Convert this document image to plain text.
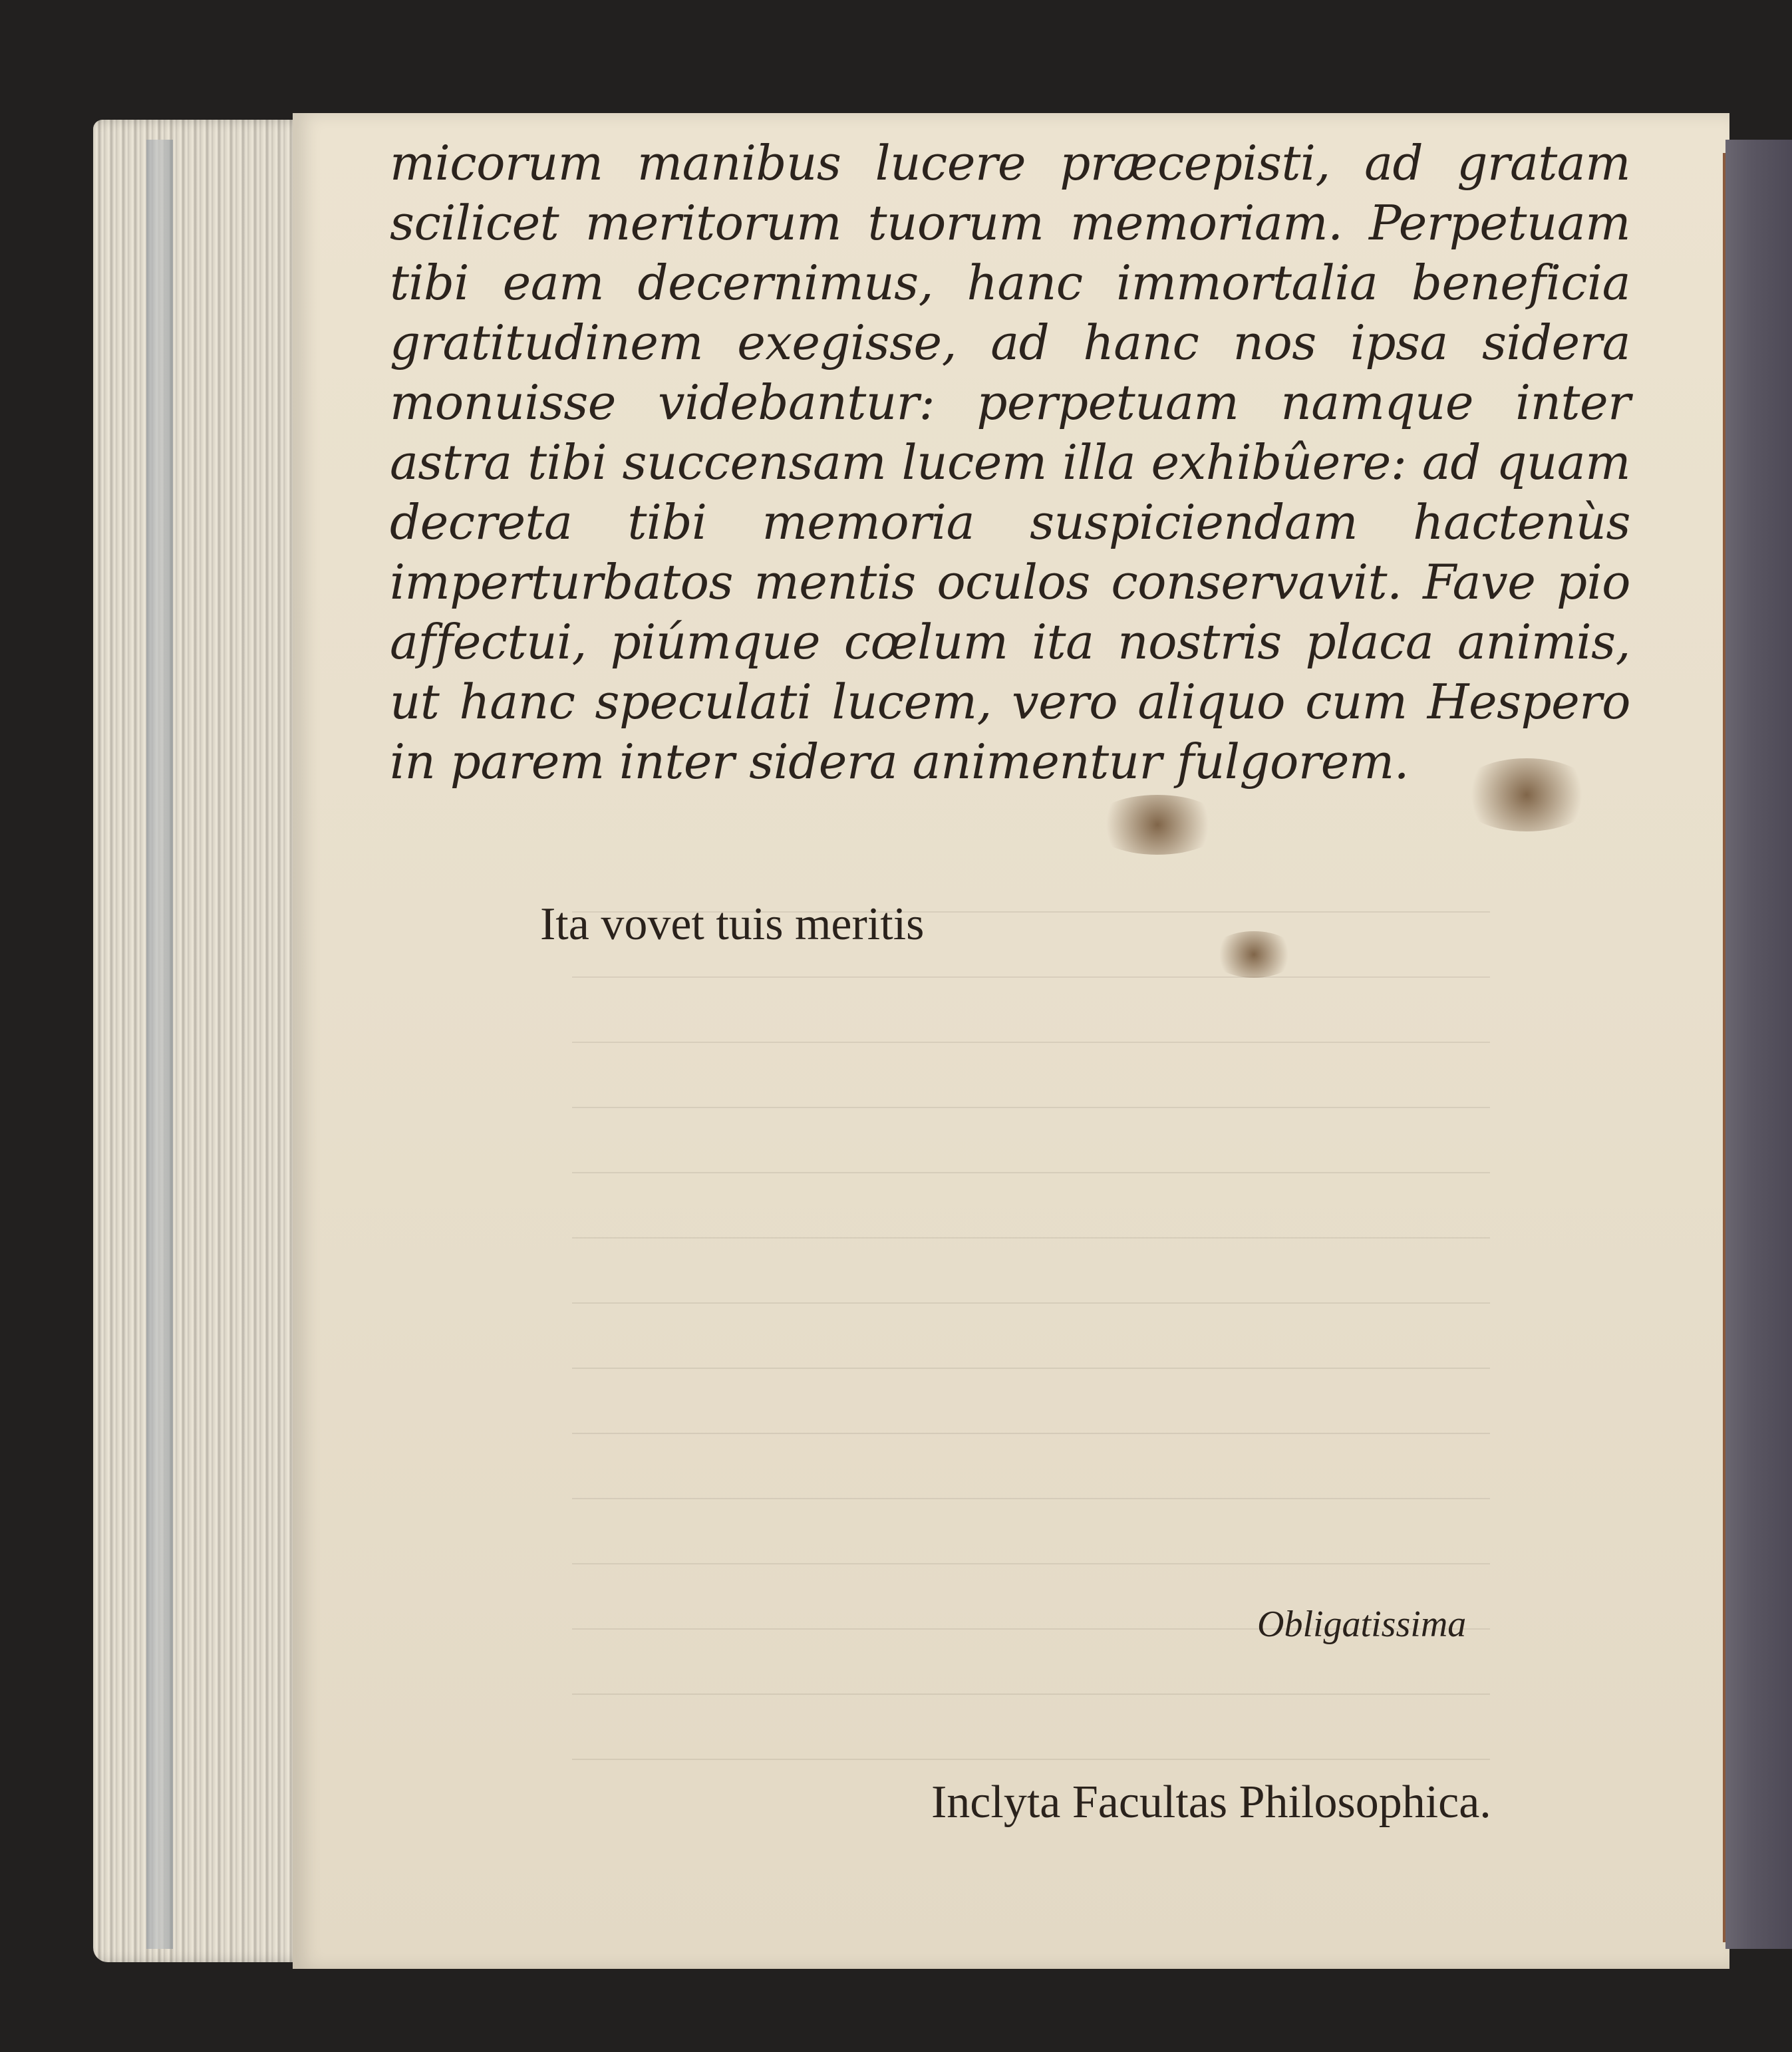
micorum manibus lucere præcepisti, ad gratam scilicet meritorum tuorum memoriam. Perpetuam tibi eam decernimus, hanc immortalia beneficia gratitudinem exegisse, ad hanc nos ipsa sidera monuisse videbantur: perpetuam namque inter astra tibi succensam lucem illa exhibûere: ad quam decreta tibi memoria suspiciendam hactenùs imperturbatos mentis oculos conservavit. Fave pio affectui, piúmque cœlum ita nostris placa animis, ut hanc speculati lucem, vero aliquo cum Hespero in parem inter sidera animentur fulgorem.
Ita vovet tuis meritis
Obligatissima
Inclyta Facultas Philosophica.
